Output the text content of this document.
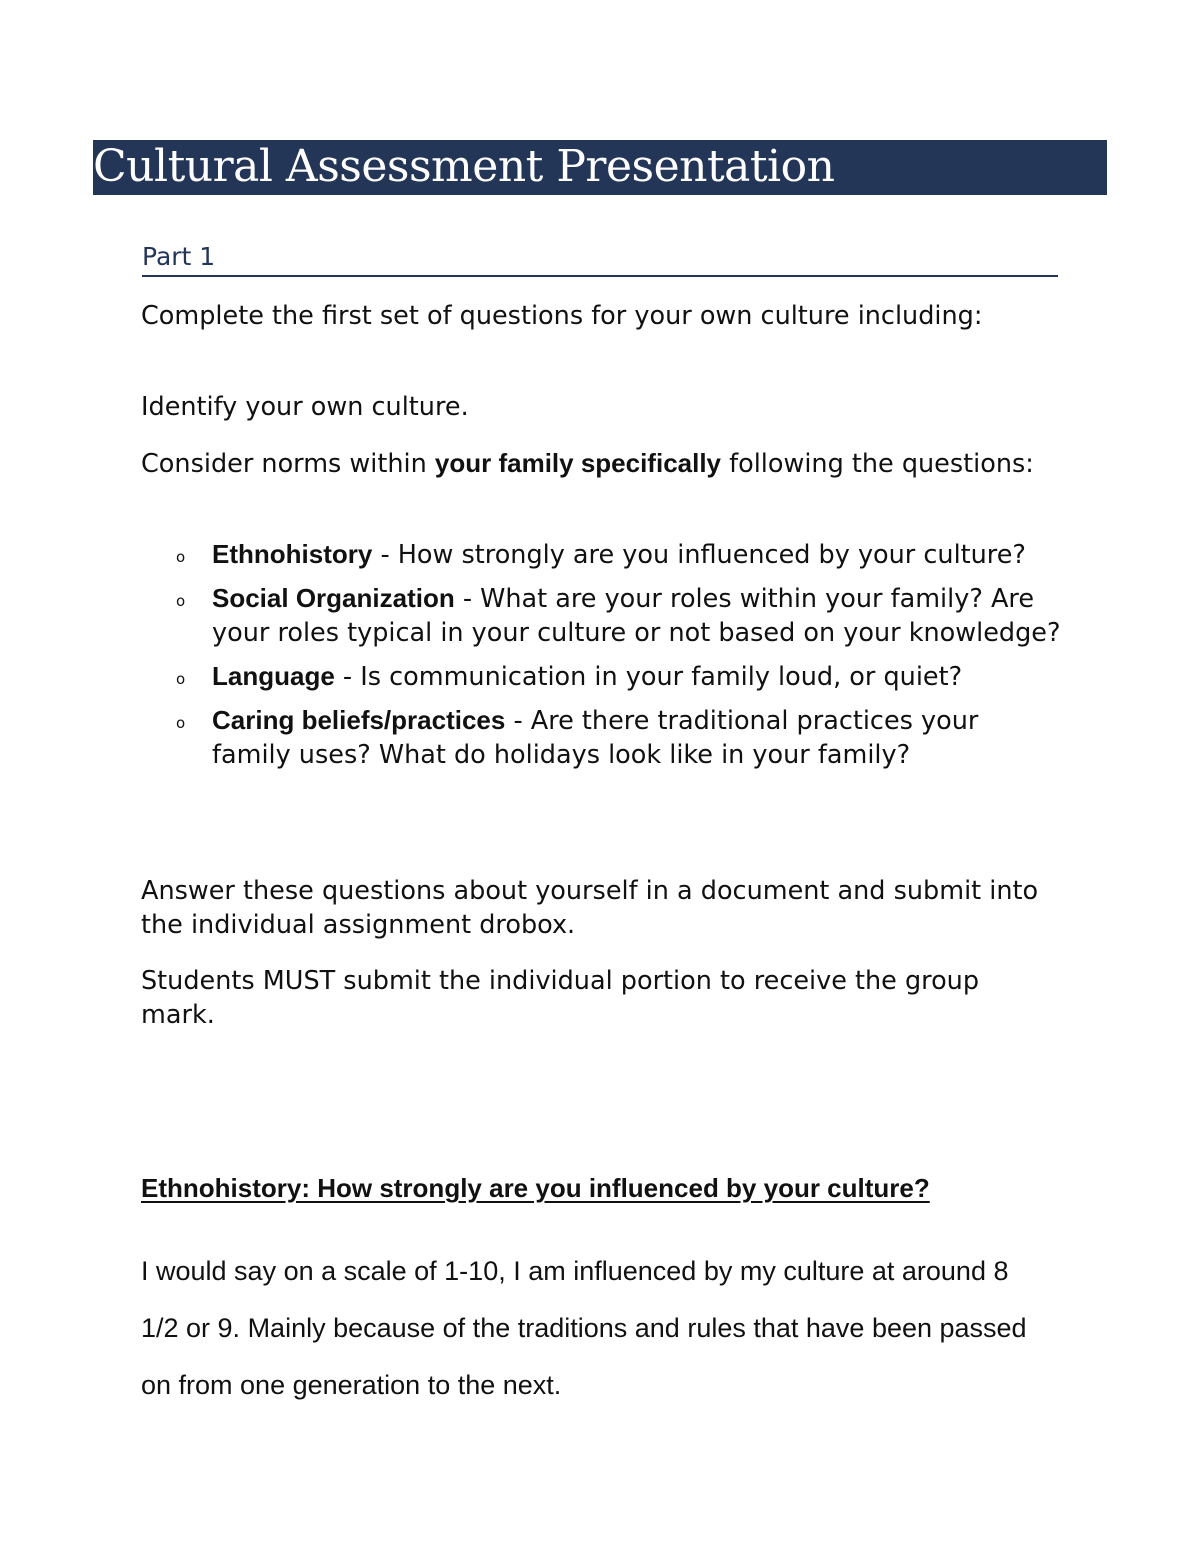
Cultural Assessment Presentation
Part 1

Complete the first set of questions for your own culture including:

Identify your own culture.

Consider norms within your family specifically following the questions:

o Ethnohistory - How strongly are you influenced by your culture?
o Social Organization - What are your roles within your family? Are your roles typical in your culture or not based on your knowledge?
o Language - Is communication in your family loud, or quiet?
o Caring beliefs/practices - Are there traditional practices your family uses? What do holidays look like in your family?

Answer these questions about yourself in a document and submit into the individual assignment drobox.

Students MUST submit the individual portion to receive the group mark.

Ethnohistory: How strongly are you influenced by your culture?

I would say on a scale of 1-10, I am influenced by my culture at around 8 1/2 or 9. Mainly because of the traditions and rules that have been passed on from one generation to the next.
